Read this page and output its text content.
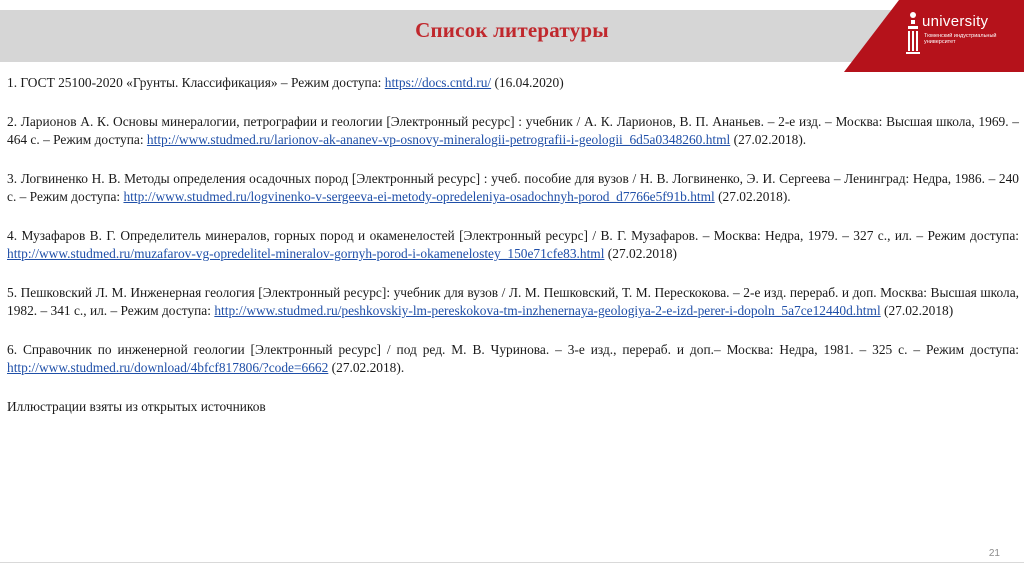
Список литературы	university
Тюменский индустриальный университет

1. ГОСТ 25100-2020 «Грунты. Классификация» – Режим доступа: https://docs.cntd.ru/ (16.04.2020)

2. Ларионов А. К. Основы минералогии, петрографии и геологии [Электронный ресурс] : учебник / А. К. Ларионов, В. П. Ананьев. – 2-е изд. – Москва: Высшая школа, 1969. – 464 с. – Режим доступа: http://www.studmed.ru/larionov-ak-ananev-vp-osnovy-mineralogii-petrografii-i-geologii_6d5a0348260.html (27.02.2018).

3. Логвиненко Н. В. Методы определения осадочных пород [Электронный ресурс] : учеб. пособие для вузов / Н. В. Логвиненко, Э. И. Сергеева – Ленинград: Недра, 1986. – 240 с. – Режим доступа: http://www.studmed.ru/logvinenko-v-sergeeva-ei-metody-opredeleniya-osadochnyh-porod_d7766e5f91b.html (27.02.2018).

4. Музафаров В. Г. Определитель минералов, горных пород и окаменелостей [Электронный ресурс] / В. Г. Музафаров. – Москва: Недра, 1979. – 327 с., ил. – Режим доступа: http://www.studmed.ru/muzafarov-vg-opredelitel-mineralov-gornyh-porod-i-okamenelostey_150e71cfe83.html (27.02.2018)

5. Пешковский Л. М. Инженерная геология [Электронный ресурс]: учебник для вузов / Л. М. Пешковский, Т. М. Перескокова. – 2-е изд. перераб. и доп. Москва: Высшая школа, 1982. – 341 с., ил. – Режим доступа: http://www.studmed.ru/peshkovskiy-lm-pereskokova-tm-inzhenernaya-geologiya-2-e-izd-perer-i-dopoln_5a7ce12440d.html (27.02.2018)

6. Справочник по инженерной геологии [Электронный ресурс] / под ред. М. В. Чуринова. – 3-е изд., перераб. и доп.– Москва: Недра, 1981. – 325 с. – Режим доступа: http://www.studmed.ru/download/4bfcf817806/?code=6662 (27.02.2018).

Иллюстрации взяты из открытых источников

21
